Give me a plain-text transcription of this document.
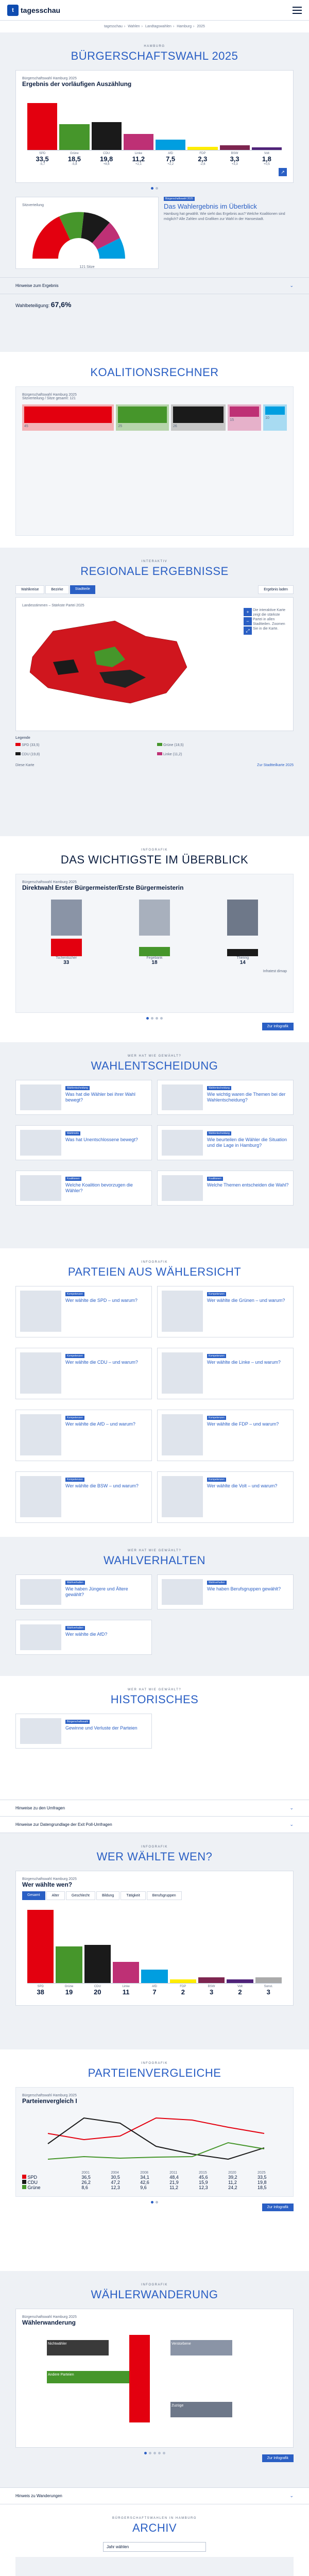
t tagesschau
tagesschau › Wahlen › Landtagswahlen › Hamburg › 2025
HAMBURG
BÜRGERSCHAFTSWAHL 2025
Bürgerschaftswahl Hamburg 2025
Ergebnis der vorläufigen Auszählung
SPD
33,5
-5,7
Grüne
18,5
-5,8
CDU
19,8
+8,6
Linke
11,2
+2,1
AfD
7,5
+2,2
FDP
2,3
-2,6
BSW
3,3
+3,3
Volt
1,8
+0,5
↗
Sitzverteilung
121 Sitze
Bürgerschaftswahl 2025
Das Wahlergebnis im Überblick
Hamburg hat gewählt. Wie sieht das Ergebnis aus? Welche Koalitionen sind möglich? Alle Zahlen und Grafiken zur Wahl in der Hansestadt.
Hinweise zum Ergebnis	⌄
Wahlbeteiligung: 67,6%
KOALITIONSRECHNER
Bürgerschaftswahl Hamburg 2025
Sitzverteilung / Sitze gesamt: 121
45	25	26
15
10
INTERAKTIV
REGIONALE ERGEBNISSE
Wahlkreise	Bezirke	Stadtteile	Ergebnis laden
Landesstimmen – Stärkste Partei 2025
+
−
⤢
Die interaktive Karte zeigt die stärkste Partei in allen Stadtteilen. Zoomen Sie in die Karte.
Legende
SPD (33,5)	Grüne (18,5)
CDU (19,8)	Linke (11,2)
Diese Karte	Zur Stadtteilkarte 2025
INFOGRAFIK
DAS WICHTIGSTE IM ÜBERBLICK
Bürgerschaftswahl Hamburg 2025
Direktwahl Erster Bürgermeister/Erste Bürgermeisterin
Tschentscher
33
Fegebank
18
Thering
14
Infratest dimap
Zur Infografik
WER HAT WIE GEWÄHLT?
WAHLENTSCHEIDUNG
Wahlentscheidung
Was hat die Wähler bei ihrer Wahl bewegt?
Wahlentscheidung
Wie wichtig waren die Themen bei der Wahlentscheidung?
Wahlmotiv
Was hat Unentschlossene bewegt?
Wahlentscheidung
Wie beurteilen die Wähler die Situation und die Lage in Hamburg?
Koalitionen
Welche Koalition bevorzugen die Wähler?
Koalitionen
Welche Themen entscheiden die Wahl?
INFOGRAFIK
PARTEIEN AUS WÄHLERSICHT
Kompetenzen
Wer wählte die SPD – und warum?
Kompetenzen
Wer wählte die Grünen – und warum?
Kompetenzen
Wer wählte die CDU – und warum?
Kompetenzen
Wer wählte die Linke – und warum?
Kompetenzen
Wer wählte die AfD – und warum?
Kompetenzen
Wer wählte die FDP – und warum?
Kompetenzen
Wer wählte die BSW – und warum?
Kompetenzen
Wer wählte die Volt – und warum?
WER HAT WIE GEWÄHLT?
WAHLVERHALTEN
Wahlverhalten
Wie haben Jüngere und Ältere gewählt?
Wahlverhalten
Wie haben Berufsgruppen gewählt?
Wahlverhalten
Wer wählte die AfD?
WER HAT WIE GEWÄHLT?
HISTORISCHES
Bürgerschaftswahl
Gewinne und Verluste der Parteien
Hinweise zu den Umfragen	⌄
Hinweise zur Datengrundlage der Exit Poll-Umfragen	⌄
INFOGRAFIK
WER WÄHLTE WEN?
Bürgerschaftswahl Hamburg 2025
Wer wählte wen?
Gesamt	Alter	Geschlecht	Bildung	Tätigkeit	Berufsgruppen
SPD
38
Grüne
19
CDU
20
Linke
11
AfD
7
FDP
2
BSW
3
Volt
2
Sonst.
3
INFOGRAFIK
PARTEIENVERGLEICHE
Bürgerschaftswahl Hamburg 2025
Parteienvergleich I
	2001	2004	2008	2011	2015	2020	2025
SPD	36,5	30,5	34,1	48,4	45,6	39,2	33,5
CDU	26,2	47,2	42,6	21,9	15,9	11,2	19,8
Grüne	8,6	12,3	9,6	11,2	12,3	24,2	18,5
Zur Infografik
INFOGRAFIK
WÄHLERWANDERUNG
Bürgerschaftswahl Hamburg 2025
Wählerwanderung
Nichtwähler
Andere Parteien
Verstorbene
Zuzüge
Zur Infografik
Hinweis zu Wanderungen	⌄
BÜRGERSCHAFTSWAHLEN IN HAMBURG
ARCHIV
Jahr wählen
